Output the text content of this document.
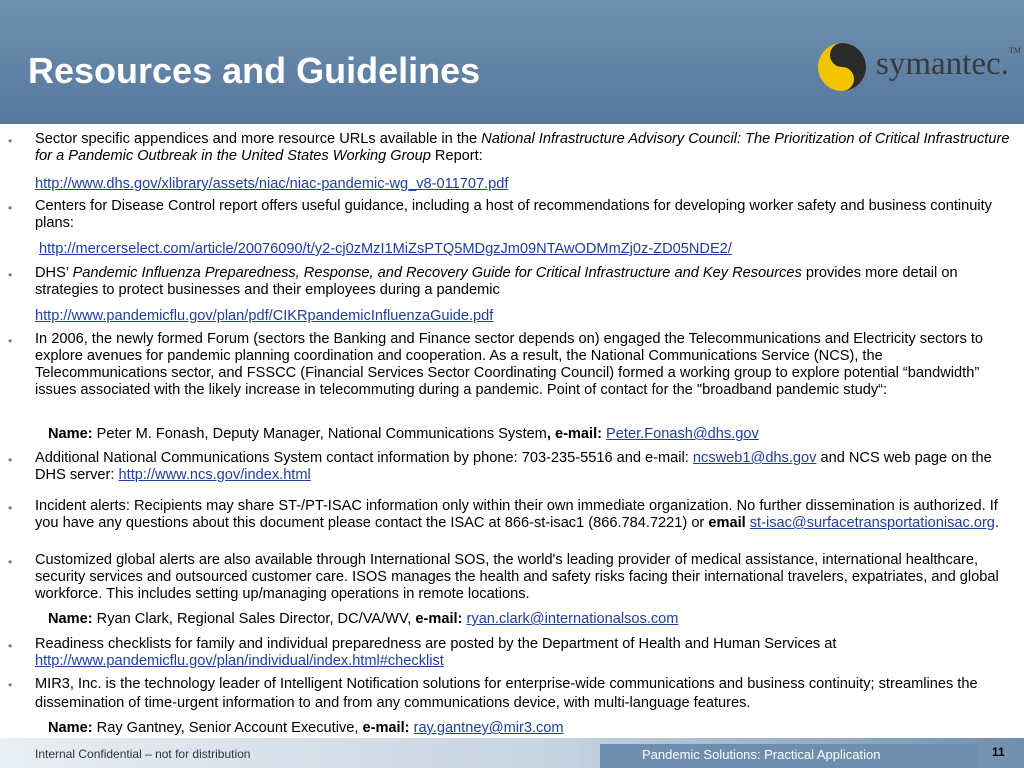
Resources and Guidelines	symantec.™
• Sector specific appendices and more resource URLs available in the National Infrastructure Advisory Council: The Prioritization of Critical Infrastructure for a Pandemic Outbreak in the United States Working Group Report:

http://www.dhs.gov/xlibrary/assets/niac/niac-pandemic-wg_v8-011707.pdf
• Centers for Disease Control report offers useful guidance, including a host of recommendations for developing worker safety and business continuity plans:

http://mercerselect.com/article/20076090/t/y2-cj0zMzI1MiZsPTQ5MDgzJm09NTAwODMmZj0z-ZD05NDE2/
• DHS’ Pandemic Influenza Preparedness, Response, and Recovery Guide for Critical Infrastructure and Key Resources provides more detail on strategies to protect businesses and their employees during a pandemic

http://www.pandemicflu.gov/plan/pdf/CIKRpandemicInfluenzaGuide.pdf
• In 2006, the newly formed Forum (sectors the Banking and Finance sector depends on) engaged the Telecommunications and Electricity sectors to explore avenues for pandemic planning coordination and cooperation. As a result, the National Communications Service (NCS), the Telecommunications sector, and FSSCC (Financial Services Sector Coordinating Council) formed a working group to explore potential “bandwidth” issues associated with the likely increase in telecommuting during a pandemic. Point of contact for the "broadband pandemic study“:

Name: Peter M. Fonash, Deputy Manager, National Communications System, e-mail: Peter.Fonash@dhs.gov

• Additional National Communications System contact information by phone: 703-235-5516 and e-mail: ncsweb1@dhs.gov and NCS web page on the DHS server: http://www.ncs.gov/index.html

• Incident alerts: Recipients may share ST-/PT-ISAC information only within their own immediate organization. No further dissemination is authorized. If you have any questions about this document please contact the ISAC at 866-st-isac1 (866.784.7221) or email st-isac@surfacetransportationisac.org.

• Customized global alerts are also available through International SOS, the world's leading provider of medical assistance, international healthcare, security services and outsourced customer care. ISOS manages the health and safety risks facing their international travelers, expatriates, and global workforce. This includes setting up/managing operations in remote locations.

Name: Ryan Clark, Regional Sales Director, DC/VA/WV, e-mail: ryan.clark@internationalsos.com

• Readiness checklists for family and individual preparedness are posted by the Department of Health and Human Services at http://www.pandemicflu.gov/plan/individual/index.html#checklist

• MIR3, Inc. is the technology leader of Intelligent Notification solutions for enterprise-wide communications and business continuity; streamlines the dissemination of time-urgent information to and from any communications device, with multi-language features.

Name: Ray Gantney, Senior Account Executive, e-mail: ray.gantney@mir3.com

Internal Confidential – not for distribution	Pandemic Solutions: Practical Application	11
